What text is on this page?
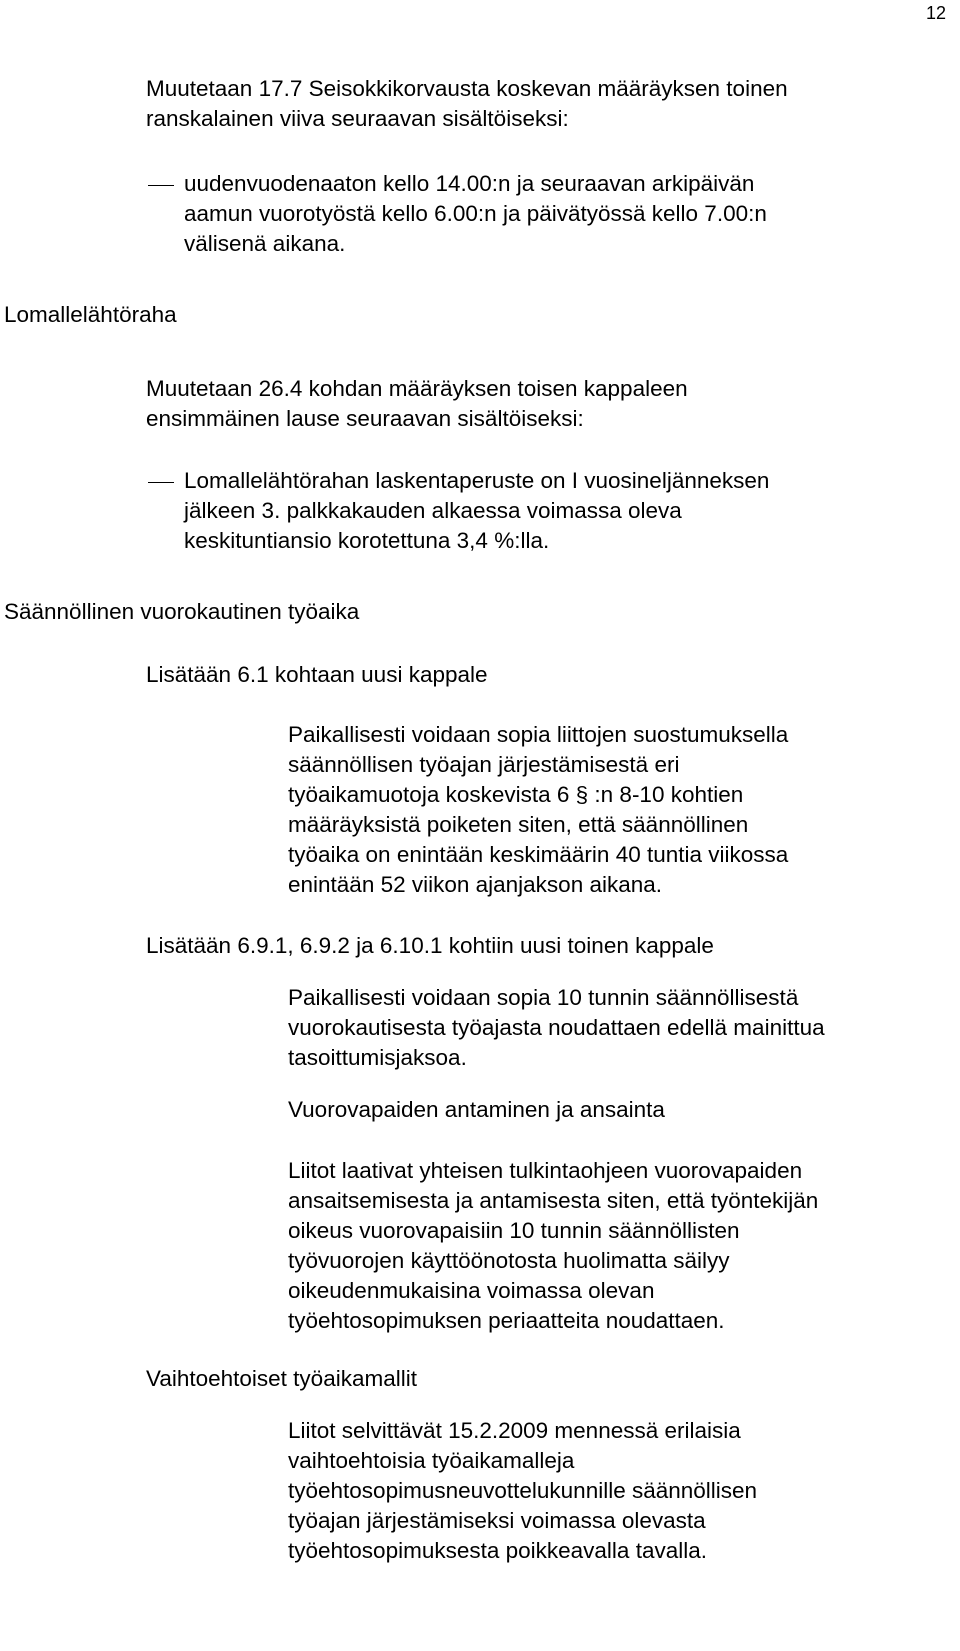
12
Muutetaan 17.7 Seisokkikorvausta koskevan määräyksen toinen
ranskalainen viiva seuraavan sisältöiseksi:
uudenvuodenaaton kello 14.00:n ja seuraavan arkipäivän
aamun vuorotyöstä kello 6.00:n ja päivätyössä kello 7.00:n
välisenä aikana.
Lomallelähtöraha
Muutetaan 26.4 kohdan määräyksen toisen kappaleen
ensimmäinen lause seuraavan sisältöiseksi:
Lomallelähtörahan laskentaperuste on I vuosineljänneksen
jälkeen 3. palkkakauden alkaessa voimassa oleva
keskituntiansio korotettuna 3,4 %:lla.
Säännöllinen vuorokautinen työaika
Lisätään 6.1 kohtaan uusi kappale
Paikallisesti voidaan sopia liittojen suostumuksella
säännöllisen työajan järjestämisestä eri
työaikamuotoja koskevista 6 § :n 8-10 kohtien
määräyksistä poiketen siten, että säännöllinen
työaika on enintään keskimäärin 40 tuntia viikossa
enintään 52 viikon ajanjakson aikana.
Lisätään 6.9.1, 6.9.2 ja 6.10.1 kohtiin uusi toinen kappale
Paikallisesti voidaan sopia 10 tunnin säännöllisestä
vuorokautisesta työajasta noudattaen edellä mainittua
tasoittumisjaksoa.
Vuorovapaiden antaminen ja ansainta
Liitot laativat yhteisen tulkintaohjeen vuorovapaiden
ansaitsemisesta ja antamisesta siten, että työntekijän
oikeus vuorovapaisiin 10 tunnin säännöllisten
työvuorojen käyttöönotosta huolimatta säilyy
oikeudenmukaisina voimassa olevan
työehtosopimuksen periaatteita noudattaen.
Vaihtoehtoiset työaikamallit
Liitot selvittävät 15.2.2009 mennessä erilaisia
vaihtoehtoisia työaikamalleja
työehtosopimusneuvottelukunnille säännöllisen
työajan järjestämiseksi voimassa olevasta
työehtosopimuksesta poikkeavalla tavalla.
